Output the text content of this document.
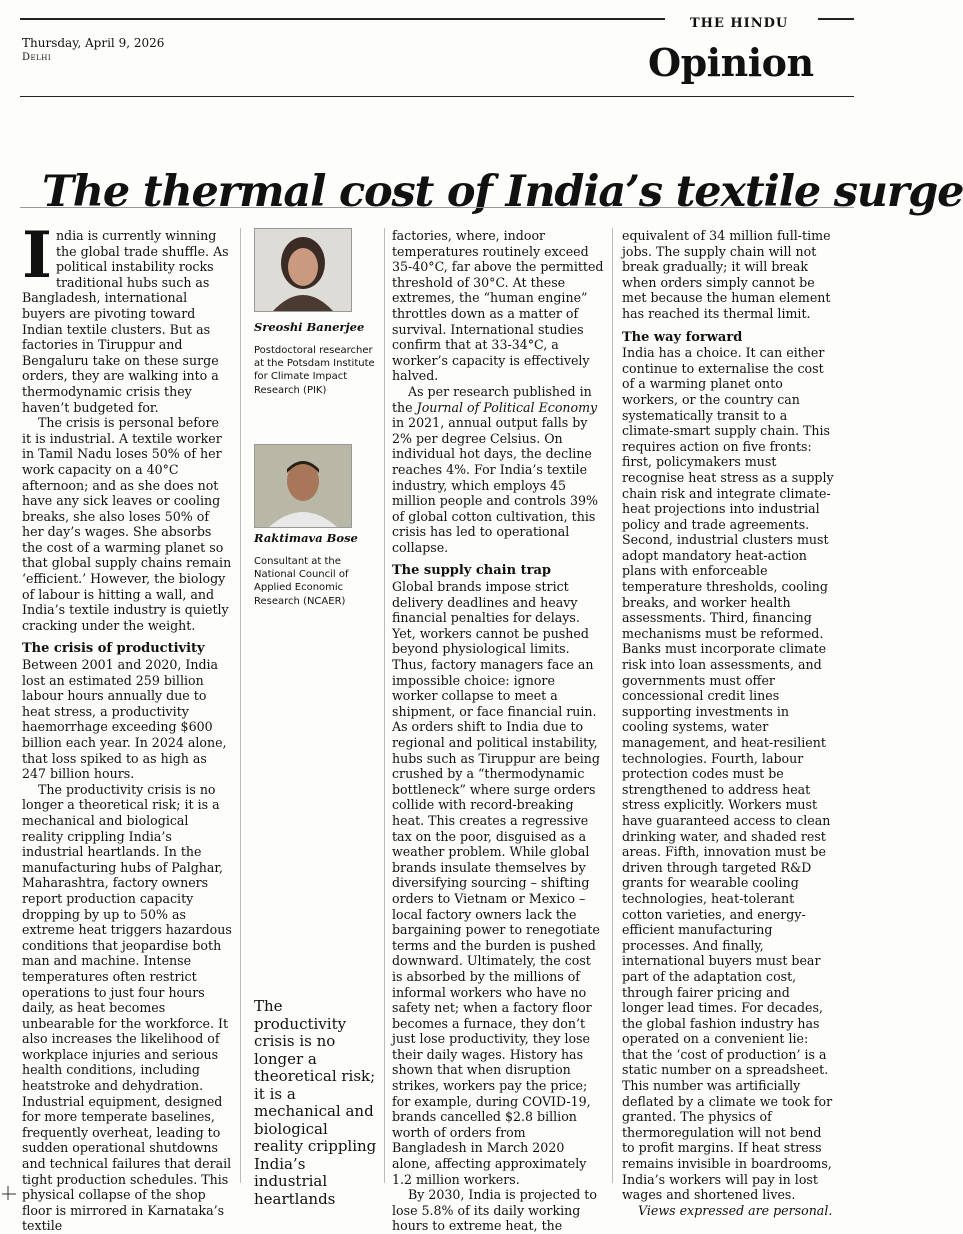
Thursday, April 9, 2026
Delhi
THE HINDU
Opinion
The thermal cost of India’s textile surge

India is currently winning the global trade shuffle. As political instability rocks traditional hubs such as Bangladesh, international buyers are pivoting toward Indian textile clusters. But as factories in Tiruppur and Bengaluru take on these surge orders, they are walking into a thermodynamic crisis they haven’t budgeted for.

The crisis is personal before it is industrial. A textile worker in Tamil Nadu loses 50% of her work capacity on a 40°C afternoon; and as she does not have any sick leaves or cooling breaks, she also loses 50% of her day’s wages. She absorbs the cost of a warming planet so that global supply chains remain ‘efficient.’ However, the biology of labour is hitting a wall, and India’s textile industry is quietly cracking under the weight.

The crisis of productivity

Between 2001 and 2020, India lost an estimated 259 billion labour hours annually due to heat stress, a productivity haemorrhage exceeding $600 billion each year. In 2024 alone, that loss spiked to as high as 247 billion hours.

The productivity crisis is no longer a theoretical risk; it is a mechanical and biological reality crippling India’s industrial heartlands. In the manufacturing hubs of Palghar, Maharashtra, factory owners report production capacity dropping by up to 50% as extreme heat triggers hazardous conditions that jeopardise both man and machine. Intense temperatures often restrict operations to just four hours daily, as heat becomes unbearable for the workforce. It also increases the likelihood of workplace injuries and serious health conditions, including heatstroke and dehydration. Industrial equipment, designed for more temperate baselines, frequently overheat, leading to sudden operational shutdowns and technical failures that derail tight production schedules. This physical collapse of the shop floor is mirrored in Karnataka’s textile

Sreoshi Banerjee
Postdoctoral researcher at the Potsdam Institute for Climate Impact Research (PIK)
Raktimava Bose
Consultant at the National Council of Applied Economic Research (NCAER)
The productivity crisis is no longer a theoretical risk; it is a mechanical and biological reality crippling India’s industrial heartlands

factories, where, indoor temperatures routinely exceed 35-40°C, far above the permitted threshold of 30°C. At these extremes, the “human engine” throttles down as a matter of survival. International studies confirm that at 33-34°C, a worker’s capacity is effectively halved.

As per research published in the Journal of Political Economy in 2021, annual output falls by 2% per degree Celsius. On individual hot days, the decline reaches 4%. For India’s textile industry, which employs 45 million people and controls 39% of global cotton cultivation, this crisis has led to operational collapse.

The supply chain trap

Global brands impose strict delivery deadlines and heavy financial penalties for delays. Yet, workers cannot be pushed beyond physiological limits. Thus, factory managers face an impossible choice: ignore worker collapse to meet a shipment, or face financial ruin. As orders shift to India due to regional and political instability, hubs such as Tiruppur are being crushed by a “thermodynamic bottleneck” where surge orders collide with record-breaking heat. This creates a regressive tax on the poor, disguised as a weather problem. While global brands insulate themselves by diversifying sourcing – shifting orders to Vietnam or Mexico – local factory owners lack the bargaining power to renegotiate terms and the burden is pushed downward. Ultimately, the cost is absorbed by the millions of informal workers who have no safety net; when a factory floor becomes a furnace, they don’t just lose productivity, they lose their daily wages. History has shown that when disruption strikes, workers pay the price; for example, during COVID-19, brands cancelled $2.8 billion worth of orders from Bangladesh in March 2020 alone, affecting approximately 1.2 million workers.

By 2030, India is projected to lose 5.8% of its daily working hours to extreme heat, the

equivalent of 34 million full-time jobs. The supply chain will not break gradually; it will break when orders simply cannot be met because the human element has reached its thermal limit.

The way forward

India has a choice. It can either continue to externalise the cost of a warming planet onto workers, or the country can systematically transit to a climate-smart supply chain. This requires action on five fronts: first, policymakers must recognise heat stress as a supply chain risk and integrate climate-heat projections into industrial policy and trade agreements. Second, industrial clusters must adopt mandatory heat-action plans with enforceable temperature thresholds, cooling breaks, and worker health assessments. Third, financing mechanisms must be reformed. Banks must incorporate climate risk into loan assessments, and governments must offer concessional credit lines supporting investments in cooling systems, water management, and heat-resilient technologies. Fourth, labour protection codes must be strengthened to address heat stress explicitly. Workers must have guaranteed access to clean drinking water, and shaded rest areas. Fifth, innovation must be driven through targeted R&D grants for wearable cooling technologies, heat-tolerant cotton varieties, and energy-efficient manufacturing processes. And finally, international buyers must bear part of the adaptation cost, through fairer pricing and longer lead times. For decades, the global fashion industry has operated on a convenient lie: that the ‘cost of production’ is a static number on a spreadsheet. This number was artificially deflated by a climate we took for granted. The physics of thermoregulation will not bend to profit margins. If heat stress remains invisible in boardrooms, India’s workers will pay in lost wages and shortened lives.

Views expressed are personal.
